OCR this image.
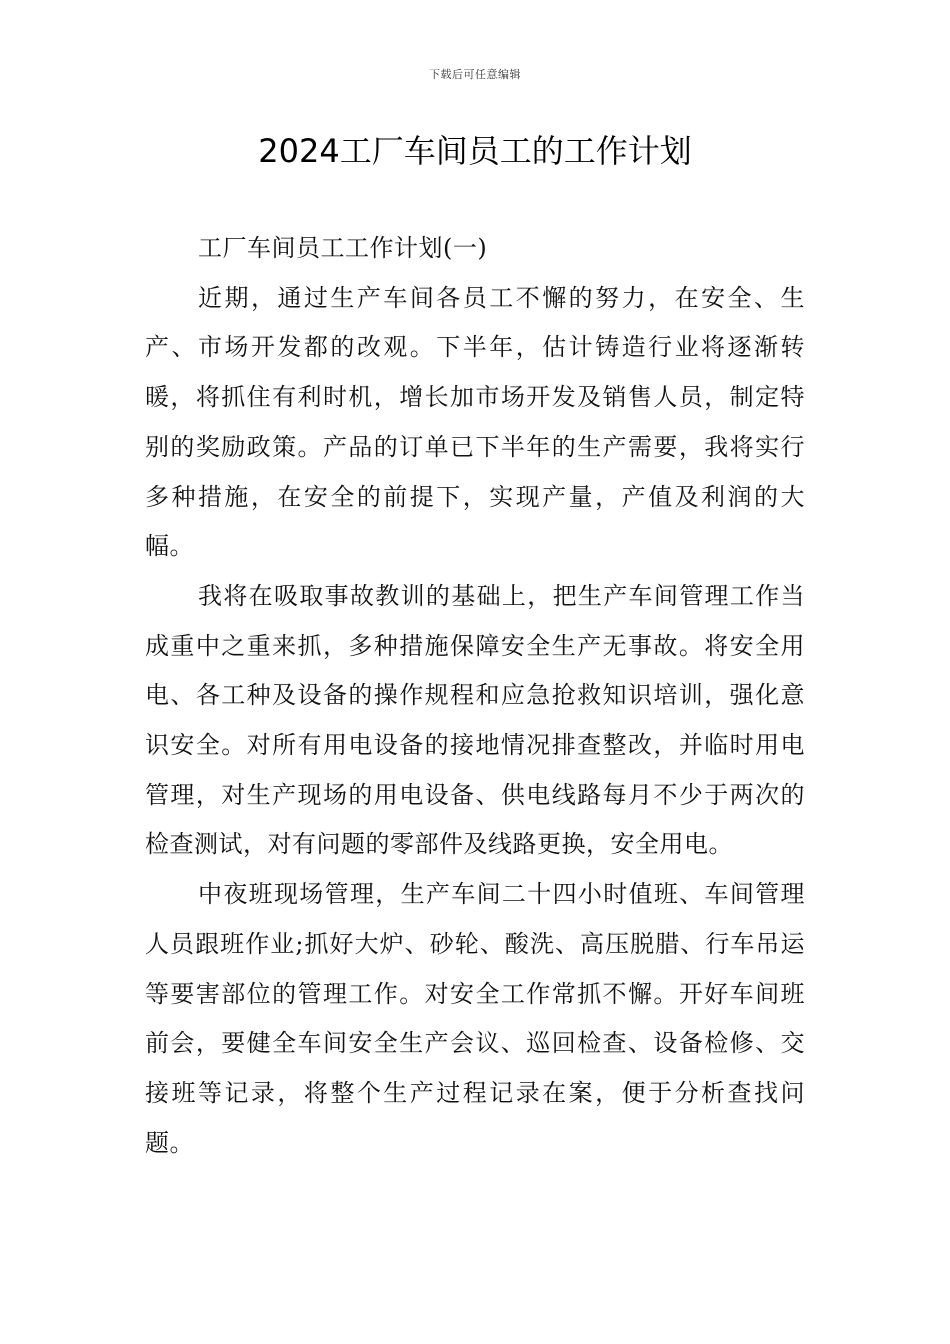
下载后可任意编辑
2024工厂车间员工的工作计划

工厂车间员工工作计划(一)

近期，通过生产车间各员工不懈的努力，在安全、生产、市场开发都的改观。下半年，估计铸造行业将逐渐转暖，将抓住有利时机，增长加市场开发及销售人员，制定特别的奖励政策。产品的订单已下半年的生产需要，我将实行多种措施，在安全的前提下，实现产量，产值及利润的大幅。

我将在吸取事故教训的基础上，把生产车间管理工作当成重中之重来抓，多种措施保障安全生产无事故。将安全用电、各工种及设备的操作规程和应急抢救知识培训，强化意识安全。对所有用电设备的接地情况排查整改，并临时用电管理，对生产现场的用电设备、供电线路每月不少于两次的检查测试，对有问题的零部件及线路更换，安全用电。

中夜班现场管理，生产车间二十四小时值班、车间管理人员跟班作业;抓好大炉、砂轮、酸洗、高压脱腊、行车吊运等要害部位的管理工作。对安全工作常抓不懈。开好车间班前会，要健全车间安全生产会议、巡回检查、设备检修、交接班等记录，将整个生产过程记录在案，便于分析查找问题。
